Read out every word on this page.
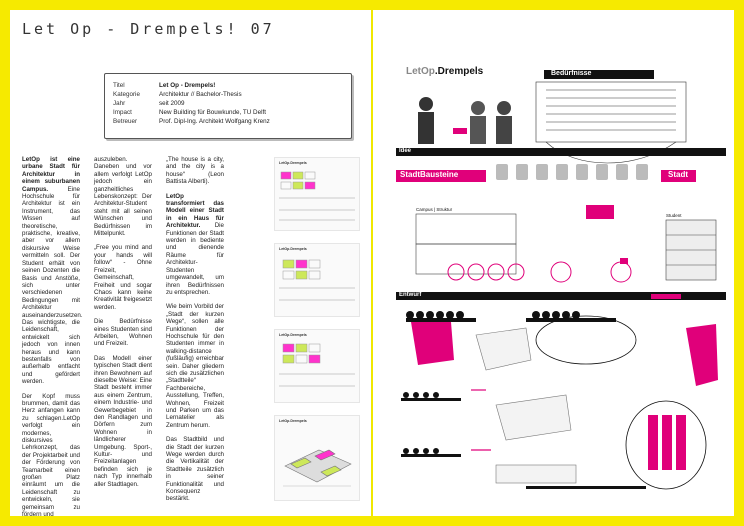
Let Op - Drempels! 07
Titel	Let Op - Drempels!
Kategorie	Architektur // Bachelor-Thesis
Jahr	seit 2009
Impact	New Building für Bouwkunde, TU Delft
Betreuer	Prof. Dipl-Ing. Architekt Wolfgang Krenz

LetOp ist eine urbane Stadt für Architektur in einem suburbanen Campus. Eine Hochschule für Architektur ist ein Instrument, das Wissen auf theoretische, praktische, kreative, aber vor allem diskursive Weise vermitteln soll. Der Student erhält von seinen Dozenten die Basis und Anstöße, sich unter verschiedenen Bedingungen mit Architektur auseinanderzusetzen. Das wichtigste, die Leidenschaft, entwickelt sich jedoch von innen heraus und kann bestenfalls von außerhalb entfacht und gefördert werden.

Der Kopf muss brummen, damit das Herz anfangen kann zu schlagen.LetOp verfolgt ein modernes, diskursives Lehrkonzept, das der Projektarbeit und der Förderung von Teamarbeit einen großen Platz einräumt um die Leidenschaft zu entwickeln, sie gemeinsam zu fördern und

auszuleben. Daneben und vor allem verfolgt LetOp jedoch ein ganzheitliches Lebenskonzept: Der Architektur-Student steht mit all seinen Wünschen und Bedürfnissen im Mittelpunkt.

„Free you mind and your hands will follow“ - Ohne Freizeit, Gemeinschaft, Freiheit und sogar Chaos kann keine Kreativität freigesetzt werden.

Die Bedürfnisse eines Studenten sind Arbeiten, Wohnen und Freizeit.

Das Modell einer typischen Stadt dient ihren Bewohnern auf dieselbe Weise: Eine Stadt besteht immer aus einem Zentrum, einem Industrie- und Gewerbegebiet in den Randlagen und Dörfern zum Wohnen in ländlicherer Umgebung. Sport-, Kultur- und Freizeitanlagen befinden sich je nach Typ innerhalb aller Stadtlagen.

„The house is a city, and the city is a house“ (Leon Battista Alberti).

LetOp transformiert das Modell einer Stadt in ein Haus für Architektur. Die Funktionen der Stadt werden in bediente und dienende Räume für Architektur-Studenten umgewandelt, um ihren Bedürfnissen zu entsprechen.

Wie beim Vorbild der „Stadt der kurzen Wege“, sollen alle Funktionen der Hochschule für den Studenten immer in walking-distance (fußläufig) erreichbar sein. Daher gliedern sich die zusätzlichen „Stadtteile“ Fachbereiche, Ausstellung, Treffen, Wohnen, Freizeit und Parken um das Lernatelier als Zentrum herum.

Das Stadtbild und die Stadt der kurzen Wege werden durch die Vertikalität der Stadtteile zusätzlich in seiner Funktionalität und Konsequenz bestärkt.

LetOp.Drempels
LetOp.Drempels
LetOp.Drempels
LetOp.Drempels
LetOp.Drempels	Bedürfnisse
Idee
StadtBausteine	Stadt
Campus | Struktur
Student
Entwurf
